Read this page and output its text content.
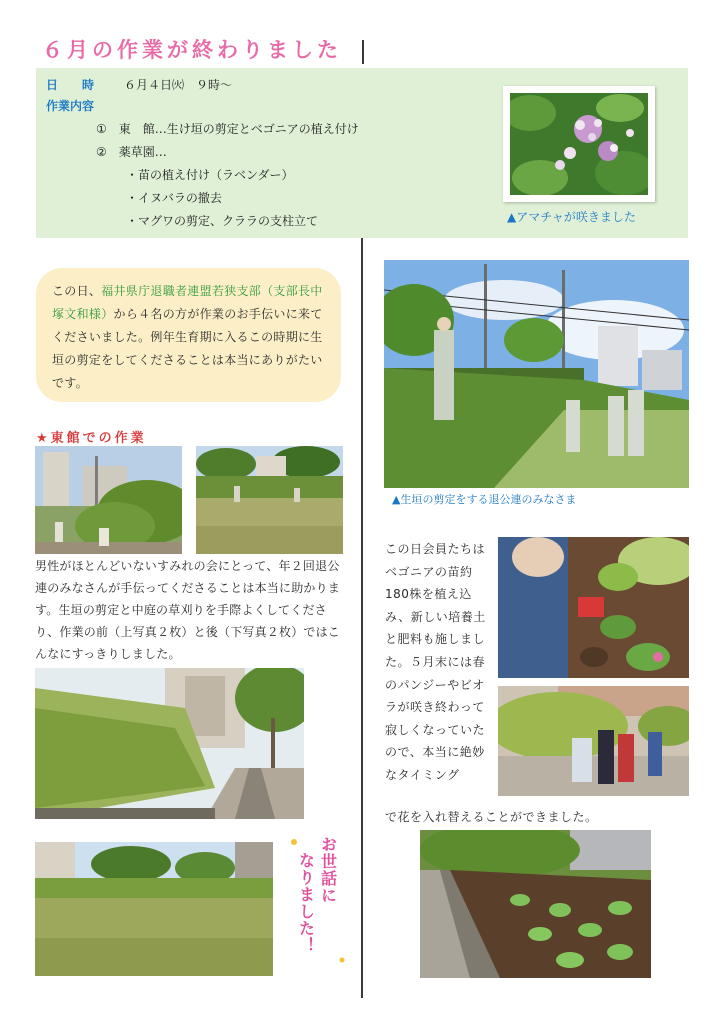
６月の作業が終わりました
日　　時 ６月４日㈫　９時～
作業内容
①　東　館…生け垣の剪定とベゴニアの植え付け
②　薬草園…
・苗の植え付け（ラベンダー）
・イヌバラの撤去
・マグワの剪定、クララの支柱立て	▲アマチャが咲きました
この日、福井県庁退職者連盟若狭支部（支部長中塚文和様）から４名の方が作業のお手伝いに来てくださいました。例年生育期に入るこの時期に生垣の剪定をしてくださることは本当にありがたいです。
★東館での作業
男性がほとんどいないすみれの会にとって、年２回退公連のみなさんが手伝ってくださることは本当に助かります。生垣の剪定と中庭の草刈りを手際よくしてくださり、作業の前（上写真２枚）と後（下写真２枚）ではこんなにすっきりしました。
お世話に
なりました！
▲生垣の剪定をする退公連のみなさま
この日会員たちはベゴニアの苗約180株を植え込み、新しい培養土と肥料も施しました。５月末には春のパンジーやビオラが咲き終わって寂しくなっていたので、本当に絶妙なタイミング
で花を入れ替えることができました。
